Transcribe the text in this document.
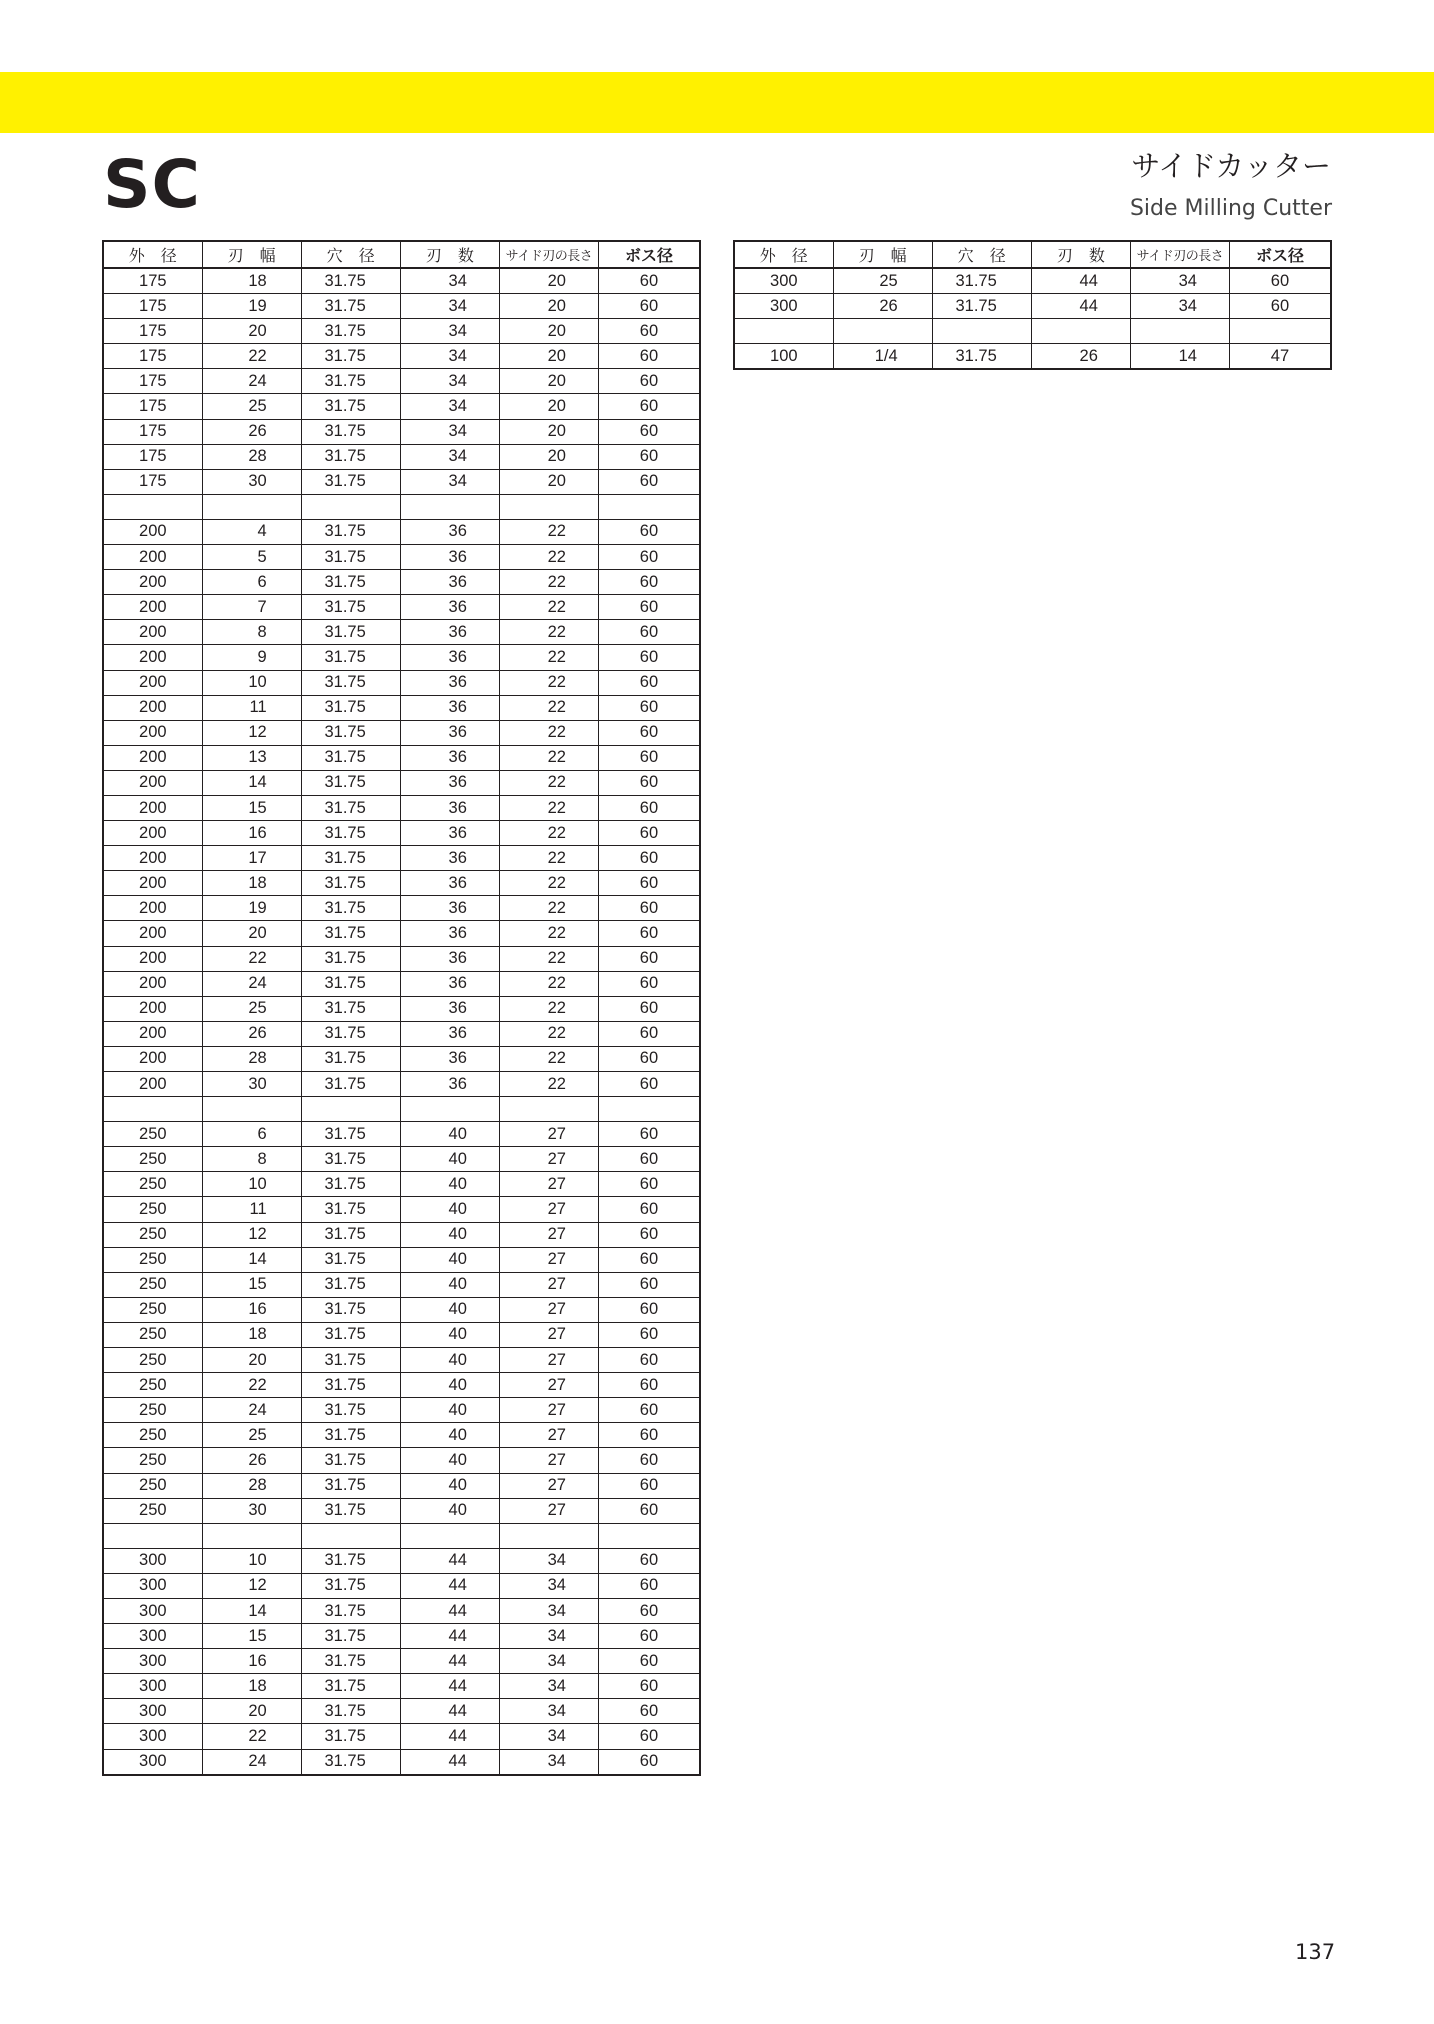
SC	サイドカッター
Side Milling Cutter
外　径	刃　幅	穴　径	刃　数	サイド刃の長さ	ボス径
175	18	31.75	34	20	60
175	19	31.75	34	20	60
175	20	31.75	34	20	60
175	22	31.75	34	20	60
175	24	31.75	34	20	60
175	25	31.75	34	20	60
175	26	31.75	34	20	60
175	28	31.75	34	20	60
175	30	31.75	34	20	60

200	4	31.75	36	22	60
200	5	31.75	36	22	60
200	6	31.75	36	22	60
200	7	31.75	36	22	60
200	8	31.75	36	22	60
200	9	31.75	36	22	60
200	10	31.75	36	22	60
200	11	31.75	36	22	60
200	12	31.75	36	22	60
200	13	31.75	36	22	60
200	14	31.75	36	22	60
200	15	31.75	36	22	60
200	16	31.75	36	22	60
200	17	31.75	36	22	60
200	18	31.75	36	22	60
200	19	31.75	36	22	60
200	20	31.75	36	22	60
200	22	31.75	36	22	60
200	24	31.75	36	22	60
200	25	31.75	36	22	60
200	26	31.75	36	22	60
200	28	31.75	36	22	60
200	30	31.75	36	22	60

250	6	31.75	40	27	60
250	8	31.75	40	27	60
250	10	31.75	40	27	60
250	11	31.75	40	27	60
250	12	31.75	40	27	60
250	14	31.75	40	27	60
250	15	31.75	40	27	60
250	16	31.75	40	27	60
250	18	31.75	40	27	60
250	20	31.75	40	27	60
250	22	31.75	40	27	60
250	24	31.75	40	27	60
250	25	31.75	40	27	60
250	26	31.75	40	27	60
250	28	31.75	40	27	60
250	30	31.75	40	27	60

300	10	31.75	44	34	60
300	12	31.75	44	34	60
300	14	31.75	44	34	60
300	15	31.75	44	34	60
300	16	31.75	44	34	60
300	18	31.75	44	34	60
300	20	31.75	44	34	60
300	22	31.75	44	34	60
300	24	31.75	44	34	60
外　径	刃　幅	穴　径	刃　数	サイド刃の長さ	ボス径
300	25	31.75	44	34	60
300	26	31.75	44	34	60

100	1/4	31.75	26	14	47
137
